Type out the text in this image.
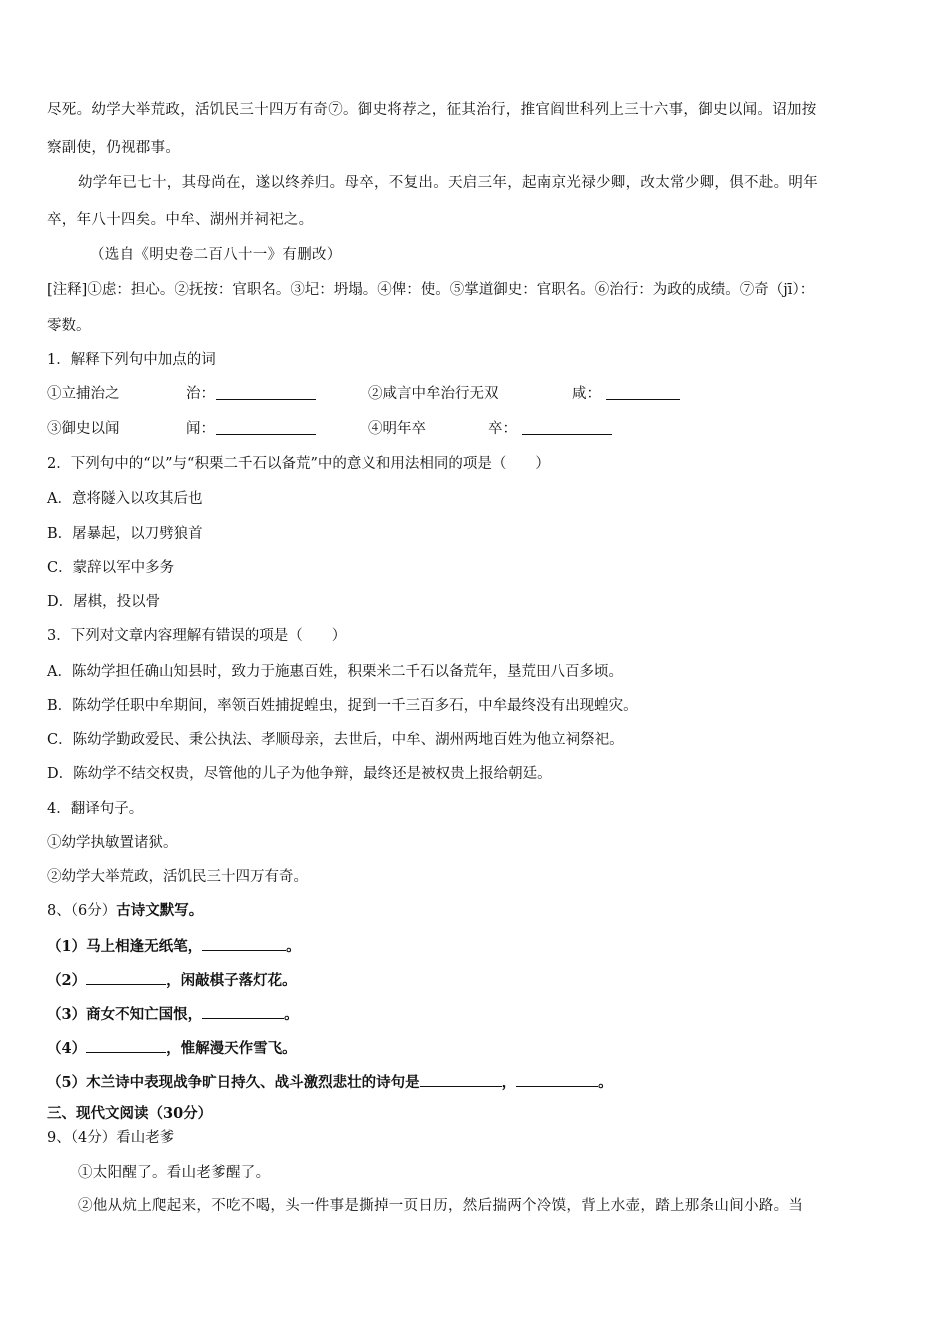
尽死。幼学大举荒政，活饥民三十四万有奇⑦。御史将荐之，征其治行，推官阎世科列上三十六事，御史以闻。诏加按
察副使，仍视郡事。
幼学年已七十，其母尚在，遂以终养归。母卒，不复出。天启三年，起南京光禄少卿，改太常少卿，俱不赴。明年
卒，年八十四矣。中牟、湖州并祠祀之。
（选自《明史卷二百八十一》有删改）
[注释]①虑：担心。②抚按：官职名。③圮：坍塌。④俾：使。⑤掌道御史：官职名。⑥治行：为政的成绩。⑦奇（jī）：
零数。
1．解释下列句中加点的词
①立捕治之	治：	②咸言中牟治行无双	咸：
③御史以闻	闻：	④明年卒	卒：
2．下列句中的“以”与“积栗二千石以备荒”中的意义和用法相同的项是（　　）
A．意将隧入以攻其后也
B．屠暴起，以刀劈狼首
C．蒙辞以军中多务
D．屠棋，投以骨
3．下列对文章内容理解有错误的项是（　　）
A．陈幼学担任确山知县时，致力于施惠百姓，积栗米二千石以备荒年，垦荒田八百多顷。
B．陈幼学任职中牟期间，率领百姓捕捉蝗虫，捉到一千三百多石，中牟最终没有出现蝗灾。
C．陈幼学勤政爱民、秉公执法、孝顺母亲，去世后，中牟、湖州两地百姓为他立祠祭祀。
D．陈幼学不结交权贵，尽管他的儿子为他争辩，最终还是被权贵上报给朝廷。
4．翻译句子。
①幼学执敏置诸狱。
②幼学大举荒政，活饥民三十四万有奇。
8、（6分）古诗文默写。
（1）马上相逢无纸笔，	。
（2）	，闲敲棋子落灯花。
（3）商女不知亡国恨，	。
（4）	，惟解漫天作雪飞。
（5）木兰诗中表现战争旷日持久、战斗激烈悲壮的诗句是	，	。
三、现代文阅读（30分）
9、（4分）看山老爹
①太阳醒了。看山老爹醒了。
②他从炕上爬起来，不吃不喝，头一件事是撕掉一页日历，然后揣两个冷馍，背上水壶，踏上那条山间小路。当
